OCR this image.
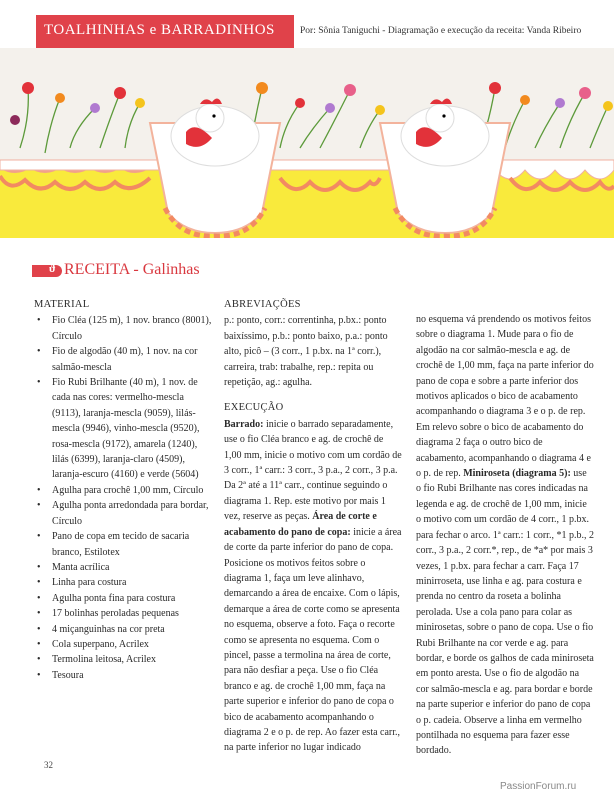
TOALHINHAS e BARRADINHOS	Por: Sônia Taniguchi - Diagramação e execução da receita: Vanda Ribeiro
ϑ RECEITA - Galinhas
MATERIAL
• Fio Cléa (125 m), 1 nov. branco (8001), Círculo
• Fio de algodão (40 m), 1 nov. na cor salmão-mescla
• Fio Rubi Brilhante (40 m), 1 nov. de cada nas cores: vermelho-mescla (9113), laranja-mescla (9059), lilás-mescla (9946), vinho-mescla (9520), rosa-mescla (9172), amarela (1240), lilás (6399), laranja-claro (4509), laranja-escuro (4160) e verde (5604)
• Agulha para crochê 1,00 mm, Círculo
• Agulha ponta arredondada para bordar, Círculo
• Pano de copa em tecido de sacaria branco, Estilotex
• Manta acrílica
• Linha para costura
• Agulha ponta fina para costura
• 17 bolinhas peroladas pequenas
• 4 miçanguinhas na cor preta
• Cola superpano, Acrilex
• Termolina leitosa, Acrilex
• Tesoura
ABREVIAÇÕES

p.: ponto, corr.: correntinha, p.bx.: ponto baixíssimo, p.b.: ponto baixo, p.a.: ponto alto, picô – (3 corr., 1 p.bx. na 1ª corr.), carreira, trab: trabalhe, rep.: repita ou repetição, ag.: agulha.

EXECUÇÃO

Barrado: inicie o barrado separadamente, use o fio Cléa branco e ag. de crochê de 1,00 mm, inicie o motivo com um cordão de 3 corr., 1ª carr.: 3 corr., 3 p.a., 2 corr., 3 p.a. Da 2ª até a 11ª carr., continue seguindo o diagrama 1. Rep. este motivo por mais 1 vez, reserve as peças. Área de corte e acabamento do pano de copa: inicie a área de corte da parte inferior do pano de copa. Posicione os motivos feitos sobre o diagrama 1, faça um leve alinhavo, demarcando a área de encaixe. Com o lápis, demarque a área de corte como se apresenta no esquema, observe a foto. Faça o recorte como se apresenta no esquema. Com o pincel, passe a termolina na área de corte, para não desfiar a peça. Use o fio Cléa branco e ag. de crochê 1,00 mm, faça na parte superior e inferior do pano de copa o bico de acabamento acompanhando o diagrama 2 e o p. de rep. Ao fazer esta carr., na parte inferior no lugar indicado

no esquema vá prendendo os motivos feitos sobre o diagrama 1. Mude para o fio de algodão na cor salmão-mescla e ag. de crochê de 1,00 mm, faça na parte inferior do pano de copa e sobre a parte inferior dos motivos aplicados o bico de acabamento acompanhando o diagrama 3 e o p. de rep. Em relevo sobre o bico de acabamento do diagrama 2 faça o outro bico de acabamento, acompanhando o diagrama 4 e o p. de rep. Miniroseta (diagrama 5): use o fio Rubi Brilhante nas cores indicadas na legenda e ag. de crochê de 1,00 mm, inicie o motivo com um cordão de 4 corr., 1 p.bx. para fechar o arco. 1ª carr.: 1 corr., *1 p.b., 2 corr., 3 p.a., 2 corr.*, rep., de *a* por mais 3 vezes, 1 p.bx. para fechar a carr. Faça 17 minirroseta, use linha e ag. para costura e prenda no centro da roseta a bolinha perolada. Use a cola pano para colar as minirosetas, sobre o pano de copa. Use o fio Rubi Brilhante na cor verde e ag. para bordar, e borde os galhos de cada miniroseta em ponto aresta. Use o fio de algodão na cor salmão-mescla e ag. para bordar e borde na parte superior e inferior do pano de copa o p. cadeia. Observe a linha em vermelho pontilhada no esquema para fazer esse bordado.

32
PassionForum.ru
